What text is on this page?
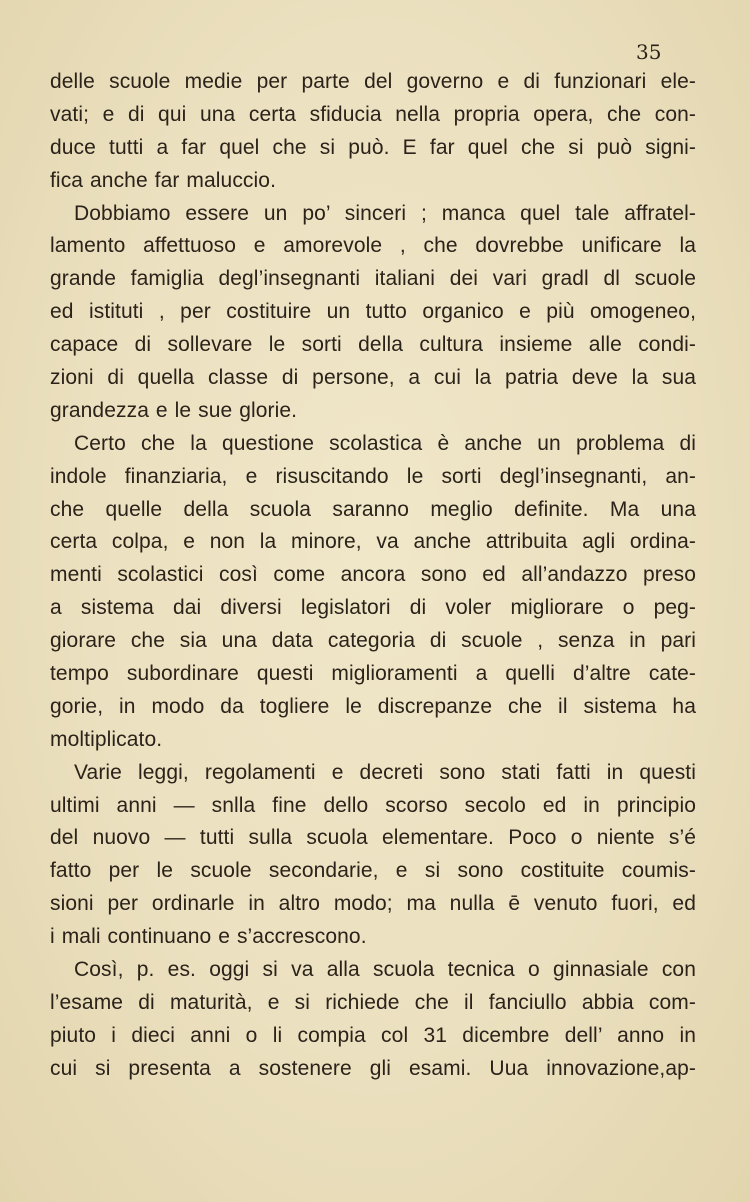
35
delle scuole medie per parte del governo e di funzionari ele-
vati; e di qui una certa sfiducia nella propria opera, che con-
duce tutti a far quel che si può. E far quel che si può signi-
fica anche far maluccio.
Dobbiamo essere un po’ sinceri ; manca quel tale affratel-
lamento affettuoso e amorevole , che dovrebbe unificare la
grande famiglia degl’insegnanti italiani dei vari gradl dl scuole
ed istituti , per costituire un tutto organico e più omogeneo,
capace di sollevare le sorti della cultura insieme alle condi-
zioni di quella classe di persone, a cui la patria deve la sua
grandezza e le sue glorie.
Certo che la questione scolastica è anche un problema di
indole finanziaria, e risuscitando le sorti degl’insegnanti, an-
che quelle della scuola saranno meglio definite. Ma una
certa colpa, e non la minore, va anche attribuita agli ordina-
menti scolastici così come ancora sono ed all’andazzo preso
a sistema dai diversi legislatori di voler migliorare o peg-
giorare che sia una data categoria di scuole , senza in pari
tempo subordinare questi miglioramenti a quelli d’altre cate-
gorie, in modo da togliere le discrepanze che il sistema ha
moltiplicato.
Varie leggi, regolamenti e decreti sono stati fatti in questi
ultimi anni — snlla fine dello scorso secolo ed in principio
del nuovo — tutti sulla scuola elementare. Poco o niente s’é
fatto per le scuole secondarie, e si sono costituite coumis-
sioni per ordinarle in altro modo; ma nulla ē venuto fuori, ed
i mali continuano e s’accrescono.
Così, p. es. oggi si va alla scuola tecnica o ginnasiale con
l’esame di maturità, e si richiede che il fanciullo abbia com-
piuto i dieci anni o li compia col 31 dicembre dell’ anno in
cui si presenta a sostenere gli esami. Uua innovazione,ap-
